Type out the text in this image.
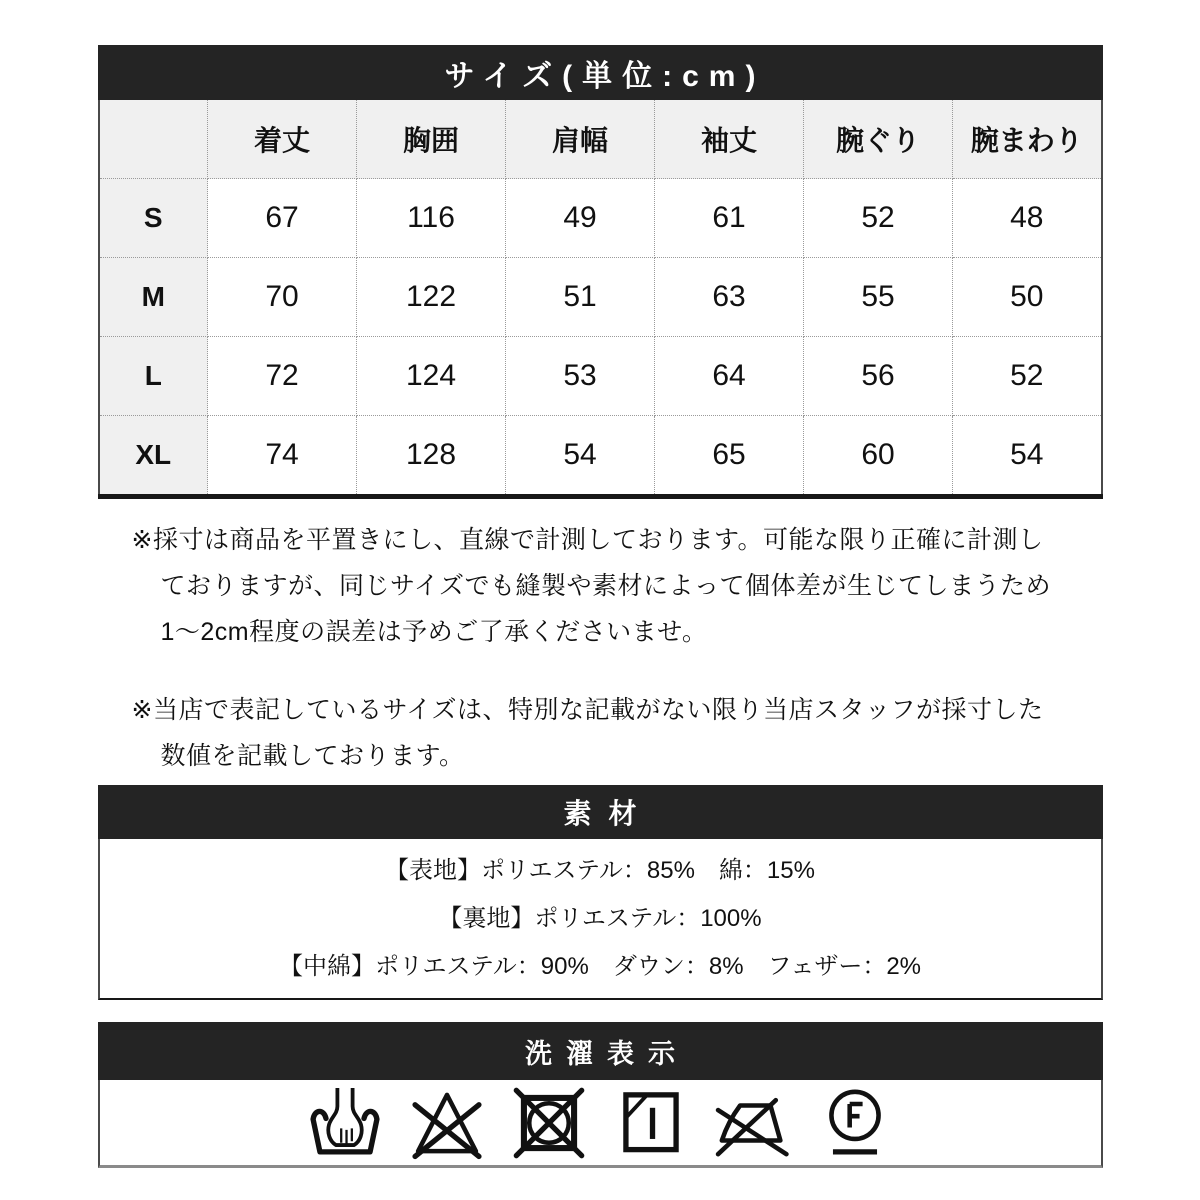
サイズ(単位:cm)
	着丈	胸囲	肩幅	袖丈	腕ぐり	腕まわり
S	67	116	49	61	52	48
M	70	122	51	63	55	50
L	72	124	53	64	56	52
XL	74	128	54	65	60	54
※採寸は商品を平置きにし、直線で計測しております。可能な限り正確に計測し
ておりますが、同じサイズでも縫製や素材によって個体差が生じてしまうため
1〜2cm程度の誤差は予めご了承くださいませ。
※当店で表記しているサイズは、特別な記載がない限り当店スタッフが採寸した
数値を記載しております。
素材
【表地】ポリエステル：85%　綿：15%
【裏地】ポリエステル：100%
【中綿】ポリエステル：90%　ダウン：8%　フェザー：2%
洗濯表示
